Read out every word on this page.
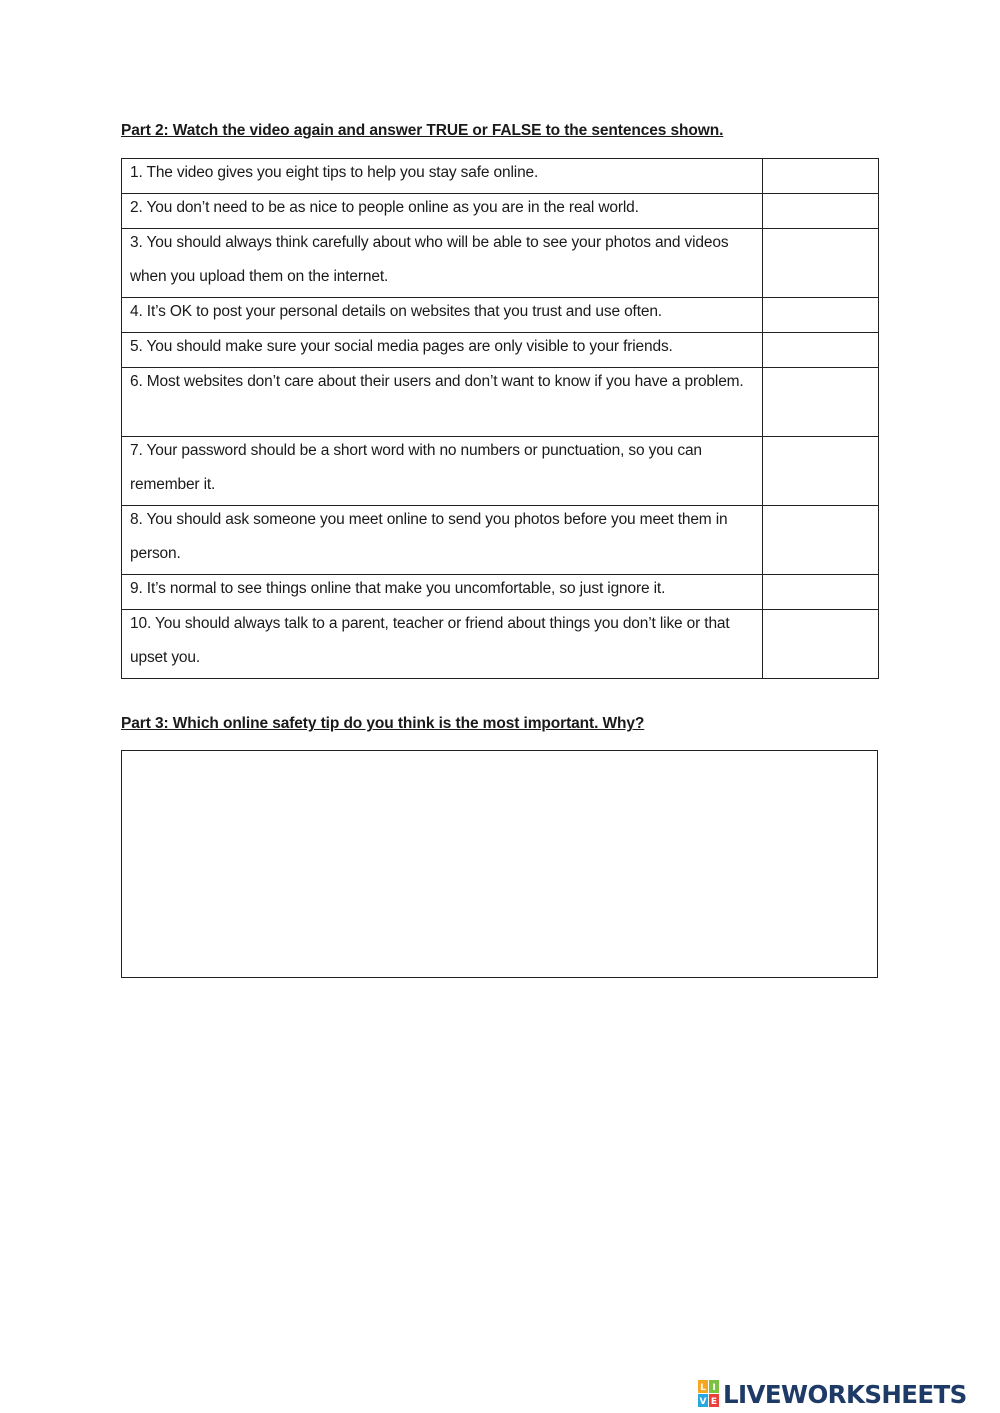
Part 2: Watch the video again and answer TRUE or FALSE to the sentences shown.
1. The video gives you eight tips to help you stay safe online.	

2. You don’t need to be as nice to people online as you are in the real world.	

3. You should always think carefully about who will be able to see your photos and videos when you upload them on the internet.	

4. It’s OK to post your personal details on websites that you trust and use often.	

5. You should make sure your social media pages are only visible to your friends.	

6. Most websites don’t care about their users and don’t want to know if you have a problem.	

7. Your password should be a short word with no numbers or punctuation, so you can remember it.	

8. You should ask someone you meet online to send you photos before you meet them in person.	

9. It’s normal to see things online that make you uncomfortable, so just ignore it.	

10. You should always talk to a parent, teacher or friend about things you don’t like or that upset you.	

Part 3: Which online safety tip do you think is the most important. Why?
L I
V E LIVEWORKSHEETS
